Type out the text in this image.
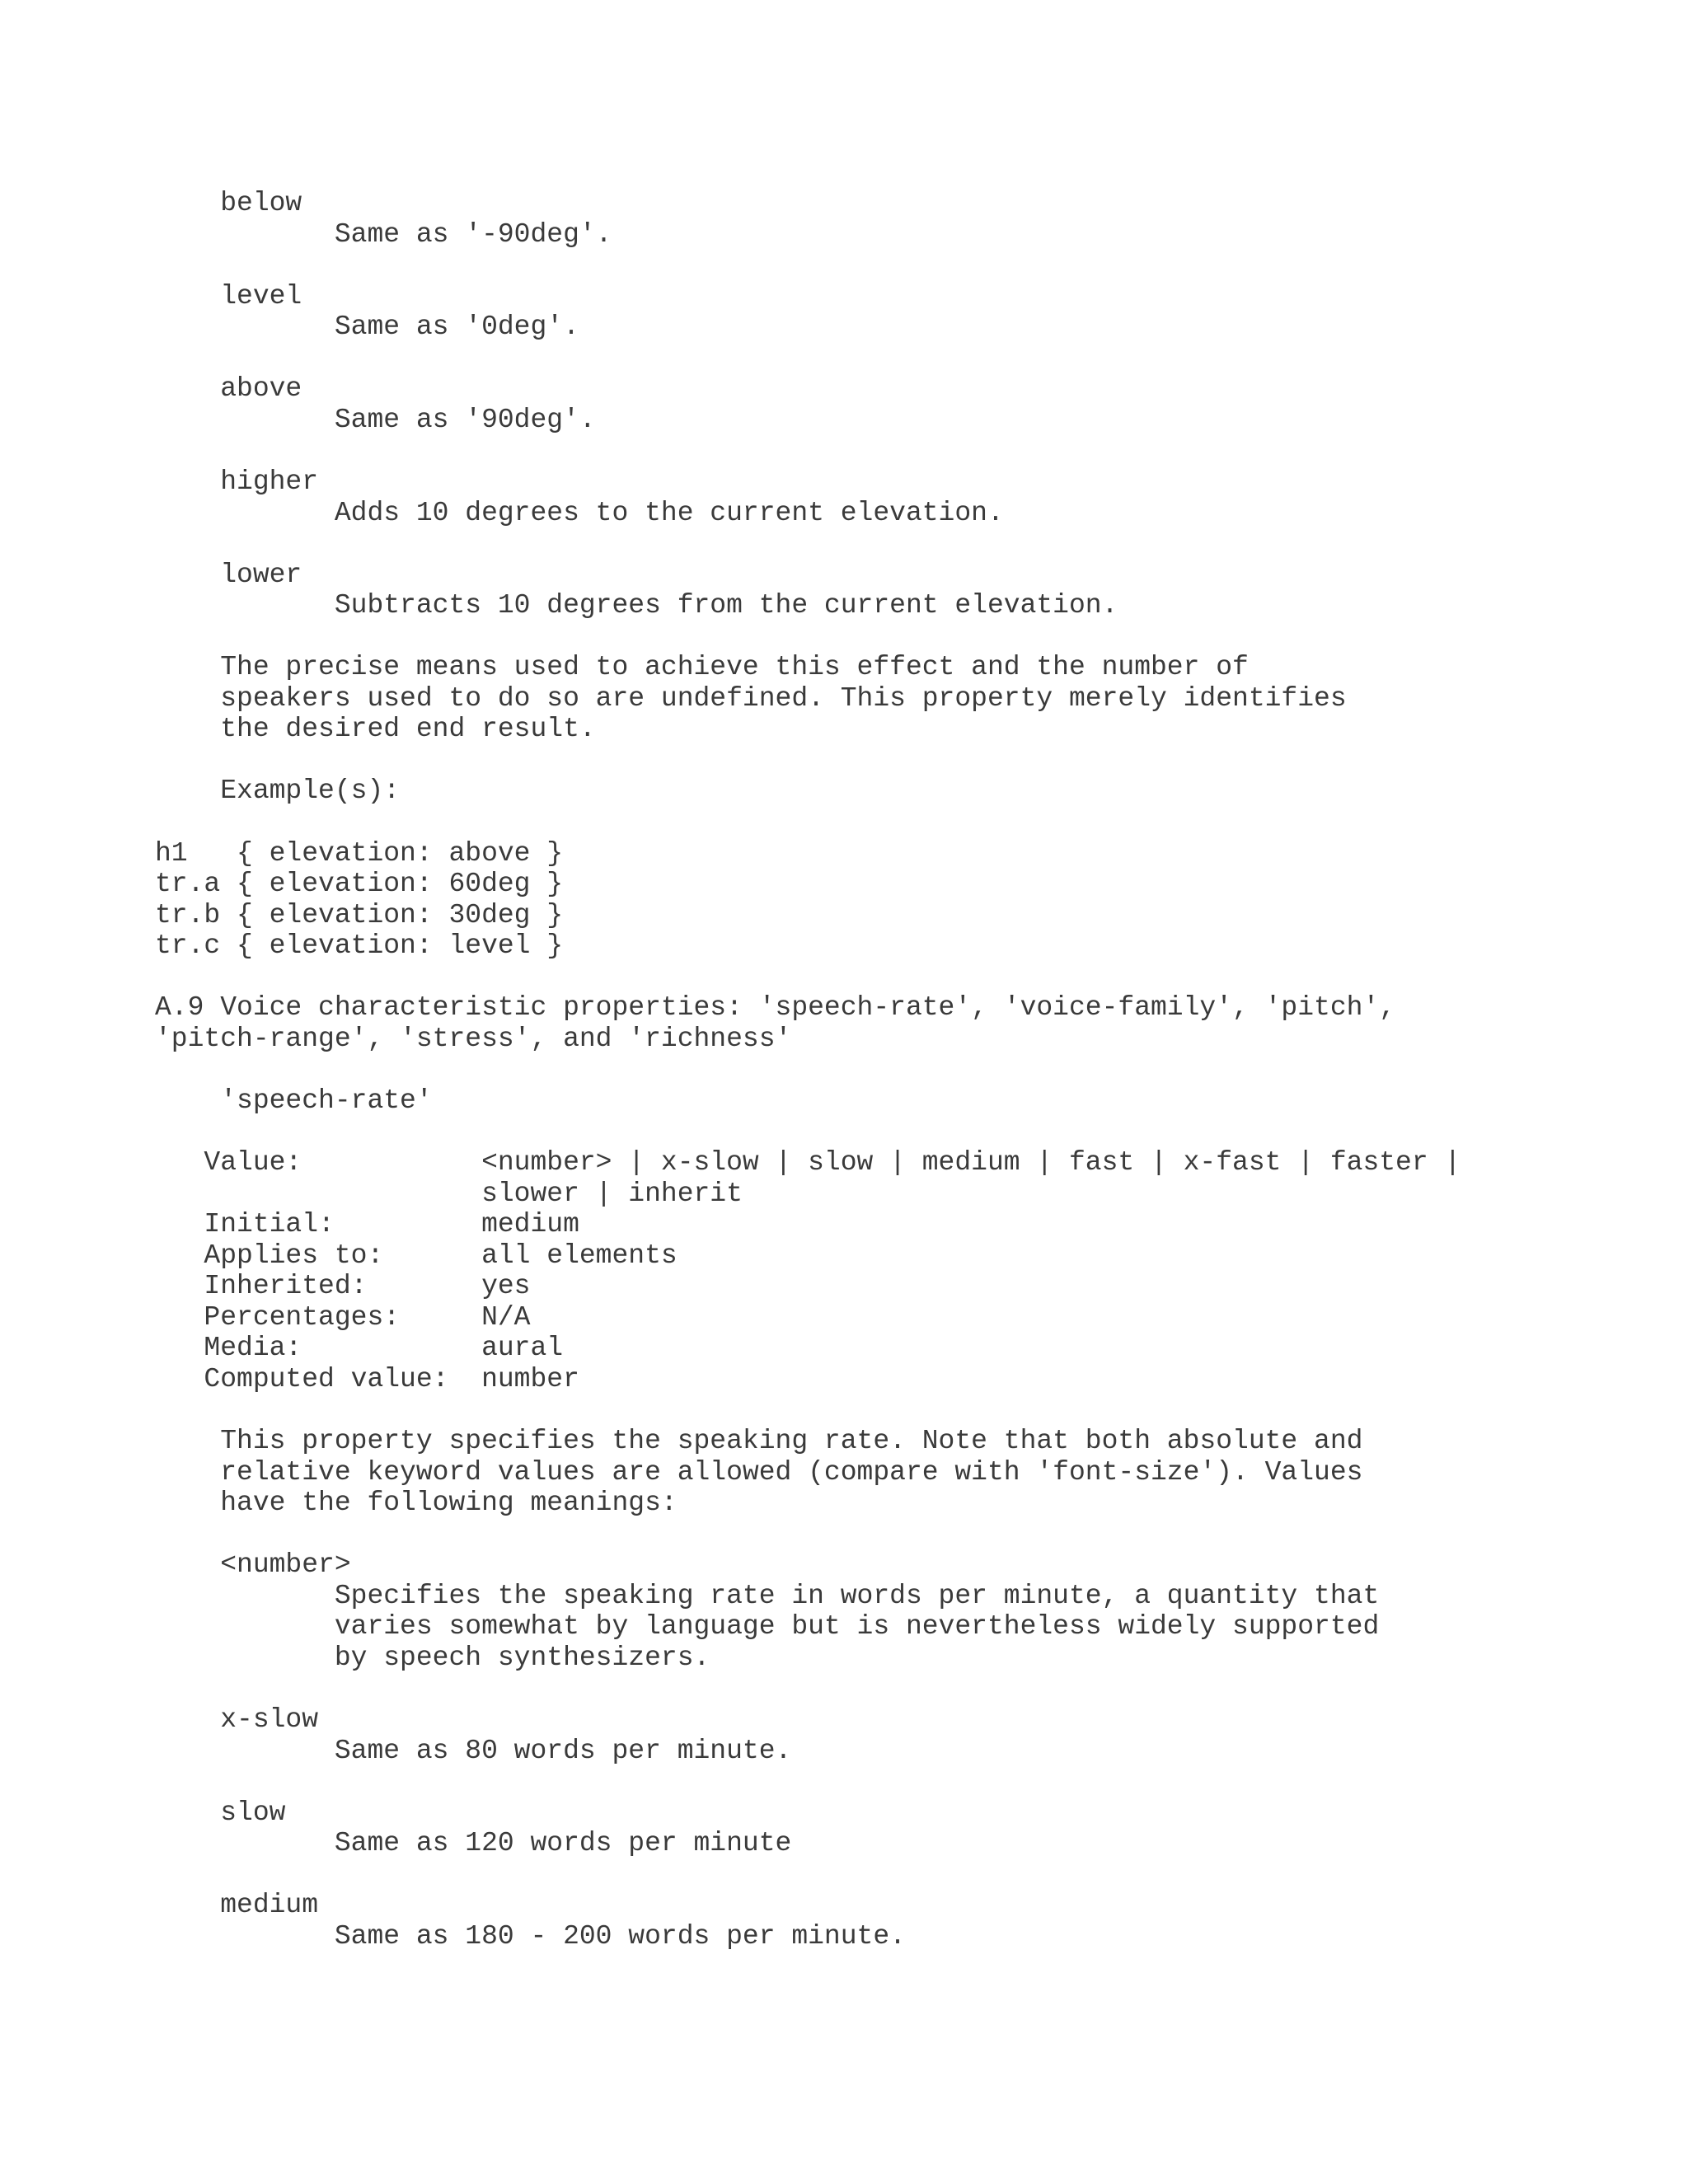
below
Same as '-90deg'.
level
Same as '0deg'.
above
Same as '90deg'.
higher
Adds 10 degrees to the current elevation.
lower
Subtracts 10 degrees from the current elevation.
The precise means used to achieve this effect and the number of
speakers used to do so are undefined. This property merely identifies
the desired end result.
Example(s):
h1   { elevation: above }
tr.a { elevation: 60deg }
tr.b { elevation: 30deg }
tr.c { elevation: level }
A.9 Voice characteristic properties: 'speech-rate', 'voice-family', 'pitch',
'pitch-range', 'stress', and 'richness'
'speech-rate'
Value:           <number> | x-slow | slow | medium | fast | x-fast | faster |
slower | inherit
Initial:         medium
Applies to:      all elements
Inherited:       yes
Percentages:     N/A
Media:           aural
Computed value:  number
This property specifies the speaking rate. Note that both absolute and
relative keyword values are allowed (compare with 'font-size'). Values
have the following meanings:
<number>
Specifies the speaking rate in words per minute, a quantity that
varies somewhat by language but is nevertheless widely supported
by speech synthesizers.
x-slow
Same as 80 words per minute.
slow
Same as 120 words per minute
medium
Same as 180 - 200 words per minute.
